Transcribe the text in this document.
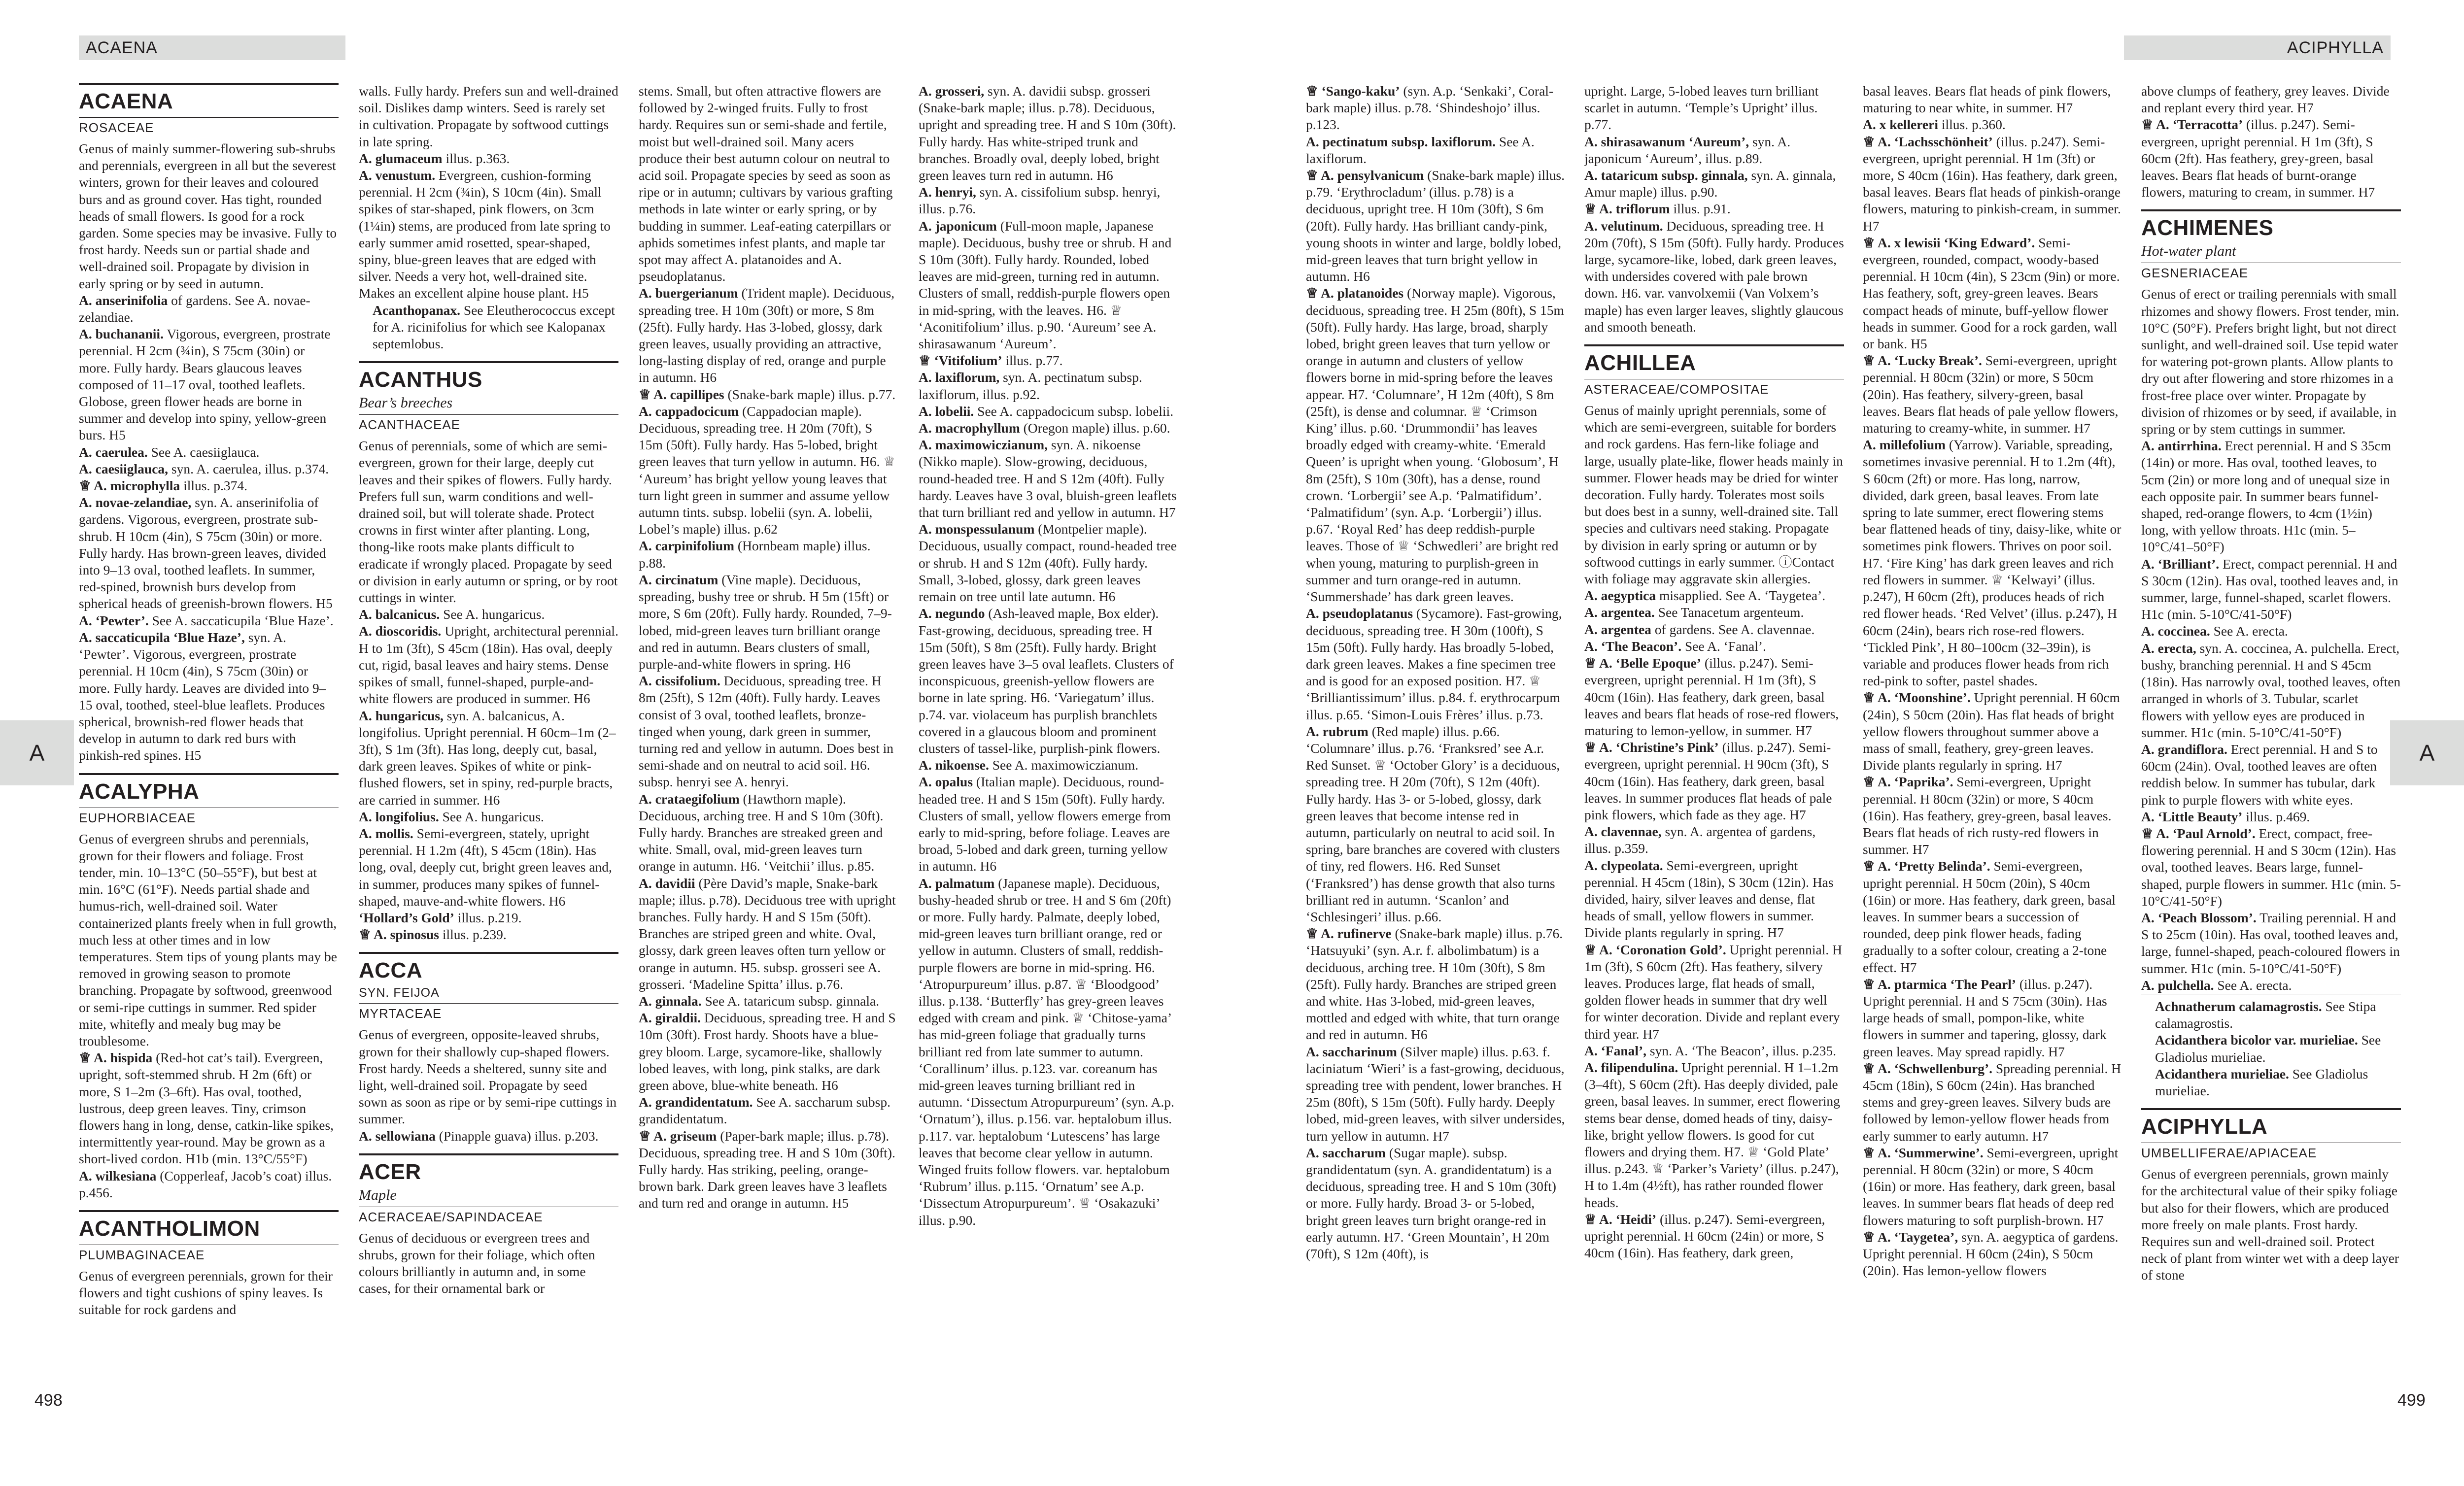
ACAENA
A
498
ACAENA
ROSACEAE

Genus of mainly summer-flowering sub-shrubs and perennials, evergreen in all but the severest winters, grown for their leaves and coloured burs and as ground cover. Has tight, rounded heads of small flowers. Is good for a rock garden. Some species may be invasive. Fully to frost hardy. Needs sun or partial shade and well-drained soil. Propagate by division in early spring or by seed in autumn.

A. anserinifolia of gardens. See A. novae-zelandiae.

A. buchananii. Vigorous, evergreen, prostrate perennial. H 2cm (¾in), S 75cm (30in) or more. Fully hardy. Bears glaucous leaves composed of 11–17 oval, toothed leaflets. Globose, green flower heads are borne in summer and develop into spiny, yellow-green burs. H5

A. caerulea. See A. caesiiglauca.

A. caesiiglauca, syn. A. caerulea, illus. p.374.

♕ A. microphylla illus. p.374.

A. novae-zelandiae, syn. A. anserinifolia of gardens. Vigorous, evergreen, prostrate sub-shrub. H 10cm (4in), S 75cm (30in) or more. Fully hardy. Has brown-green leaves, divided into 9–13 oval, toothed leaflets. In summer, red-spined, brownish burs develop from spherical heads of greenish-brown flowers. H5

A. ‘Pewter’. See A. saccaticupila ‘Blue Haze’.

A. saccaticupila ‘Blue Haze’, syn. A. ‘Pewter’. Vigorous, evergreen, prostrate perennial. H 10cm (4in), S 75cm (30in) or more. Fully hardy. Leaves are divided into 9–15 oval, toothed, steel-blue leaflets. Produces spherical, brownish-red flower heads that develop in autumn to dark red burs with pinkish-red spines. H5

ACALYPHA
EUPHORBIACEAE

Genus of evergreen shrubs and perennials, grown for their flowers and foliage. Frost tender, min. 10–13°C (50–55°F), but best at min. 16°C (61°F). Needs partial shade and humus-rich, well-drained soil. Water containerized plants freely when in full growth, much less at other times and in low temperatures. Stem tips of young plants may be removed in growing season to promote branching. Propagate by softwood, greenwood or semi-ripe cuttings in summer. Red spider mite, whitefly and mealy bug may be troublesome.

♕ A. hispida (Red-hot cat’s tail). Evergreen, upright, soft-stemmed shrub. H 2m (6ft) or more, S 1–2m (3–6ft). Has oval, toothed, lustrous, deep green leaves. Tiny, crimson flowers hang in long, dense, catkin-like spikes, intermittently year-round. May be grown as a short-lived cordon. H1b (min. 13°C/55°F)

A. wilkesiana (Copperleaf, Jacob’s coat) illus. p.456.

ACANTHOLIMON
PLUMBAGINACEAE

Genus of evergreen perennials, grown for their flowers and tight cushions of spiny leaves. Is suitable for rock gardens and

walls. Fully hardy. Prefers sun and well-drained soil. Dislikes damp winters. Seed is rarely set in cultivation. Propagate by softwood cuttings in late spring.

A. glumaceum illus. p.363.

A. venustum. Evergreen, cushion-forming perennial. H 2cm (¾in), S 10cm (4in). Small spikes of star-shaped, pink flowers, on 3cm (1¼in) stems, are produced from late spring to early summer amid rosetted, spear-shaped, spiny, blue-green leaves that are edged with silver. Needs a very hot, well-drained site. Makes an excellent alpine house plant. H5

Acanthopanax. See Eleutherococcus except for A. ricinifolius for which see Kalopanax septemlobus.

ACANTHUS
Bear’s breeches
ACANTHACEAE

Genus of perennials, some of which are semi-evergreen, grown for their large, deeply cut leaves and their spikes of flowers. Fully hardy. Prefers full sun, warm conditions and well-drained soil, but will tolerate shade. Protect crowns in first winter after planting. Long, thong-like roots make plants difficult to eradicate if wrongly placed. Propagate by seed or division in early autumn or spring, or by root cuttings in winter.

A. balcanicus. See A. hungaricus.

A. dioscoridis. Upright, architectural perennial. H to 1m (3ft), S 45cm (18in). Has oval, deeply cut, rigid, basal leaves and hairy stems. Dense spikes of small, funnel-shaped, purple-and-white flowers are produced in summer. H6

A. hungaricus, syn. A. balcanicus, A. longifolius. Upright perennial. H 60cm–1m (2–3ft), S 1m (3ft). Has long, deeply cut, basal, dark green leaves. Spikes of white or pink-flushed flowers, set in spiny, red-purple bracts, are carried in summer. H6

A. longifolius. See A. hungaricus.

A. mollis. Semi-evergreen, stately, upright perennial. H 1.2m (4ft), S 45cm (18in). Has long, oval, deeply cut, bright green leaves and, in summer, produces many spikes of funnel-shaped, mauve-and-white flowers. H6

‘Hollard’s Gold’ illus. p.219.

♕ A. spinosus illus. p.239.

ACCA
SYN. FEIJOA
MYRTACEAE

Genus of evergreen, opposite-leaved shrubs, grown for their shallowly cup-shaped flowers. Frost hardy. Needs a sheltered, sunny site and light, well-drained soil. Propagate by seed sown as soon as ripe or by semi-ripe cuttings in summer.

A. sellowiana (Pinapple guava) illus. p.203.

ACER
Maple
ACERACEAE/SAPINDACEAE

Genus of deciduous or evergreen trees and shrubs, grown for their foliage, which often colours brilliantly in autumn and, in some cases, for their ornamental bark or

stems. Small, but often attractive flowers are followed by 2-winged fruits. Fully to frost hardy. Requires sun or semi-shade and fertile, moist but well-drained soil. Many acers produce their best autumn colour on neutral to acid soil. Propagate species by seed as soon as ripe or in autumn; cultivars by various grafting methods in late winter or early spring, or by budding in summer. Leaf-eating caterpillars or aphids sometimes infest plants, and maple tar spot may affect A. platanoides and A. pseudoplatanus.

A. buergerianum (Trident maple). Deciduous, spreading tree. H 10m (30ft) or more, S 8m (25ft). Fully hardy. Has 3-lobed, glossy, dark green leaves, usually providing an attractive, long-lasting display of red, orange and purple in autumn. H6

♕ A. capillipes (Snake-bark maple) illus. p.77.

A. cappadocicum (Cappadocian maple). Deciduous, spreading tree. H 20m (70ft), S 15m (50ft). Fully hardy. Has 5-lobed, bright green leaves that turn yellow in autumn. H6. ♕ ‘Aureum’ has bright yellow young leaves that turn light green in summer and assume yellow autumn tints. subsp. lobelii (syn. A. lobelii, Lobel’s maple) illus. p.62

A. carpinifolium (Hornbeam maple) illus. p.88.

A. circinatum (Vine maple). Deciduous, spreading, bushy tree or shrub. H 5m (15ft) or more, S 6m (20ft). Fully hardy. Rounded, 7–9-lobed, mid-green leaves turn brilliant orange and red in autumn. Bears clusters of small, purple-and-white flowers in spring. H6

A. cissifolium. Deciduous, spreading tree. H 8m (25ft), S 12m (40ft). Fully hardy. Leaves consist of 3 oval, toothed leaflets, bronze-tinged when young, dark green in summer, turning red and yellow in autumn. Does best in semi-shade and on neutral to acid soil. H6. subsp. henryi see A. henryi.

A. crataegifolium (Hawthorn maple). Deciduous, arching tree. H and S 10m (30ft). Fully hardy. Branches are streaked green and white. Small, oval, mid-green leaves turn orange in autumn. H6. ‘Veitchii’ illus. p.85.

A. davidii (Père David’s maple, Snake-bark maple; illus. p.78). Deciduous tree with upright branches. Fully hardy. H and S 15m (50ft). Branches are striped green and white. Oval, glossy, dark green leaves often turn yellow or orange in autumn. H5. subsp. grosseri see A. grosseri. ‘Madeline Spitta’ illus. p.76.

A. ginnala. See A. tataricum subsp. ginnala.

A. giraldii. Deciduous, spreading tree. H and S 10m (30ft). Frost hardy. Shoots have a blue-grey bloom. Large, sycamore-like, shallowly lobed leaves, with long, pink stalks, are dark green above, blue-white beneath. H6

A. grandidentatum. See A. saccharum subsp. grandidentatum.

♕ A. griseum (Paper-bark maple; illus. p.78). Deciduous, spreading tree. H and S 10m (30ft). Fully hardy. Has striking, peeling, orange-brown bark. Dark green leaves have 3 leaflets and turn red and orange in autumn. H5

A. grosseri, syn. A. davidii subsp. grosseri (Snake-bark maple; illus. p.78). Deciduous, upright and spreading tree. H and S 10m (30ft). Fully hardy. Has white-striped trunk and branches. Broadly oval, deeply lobed, bright green leaves turn red in autumn. H6

A. henryi, syn. A. cissifolium subsp. henryi, illus. p.76.

A. japonicum (Full-moon maple, Japanese maple). Deciduous, bushy tree or shrub. H and S 10m (30ft). Fully hardy. Rounded, lobed leaves are mid-green, turning red in autumn. Clusters of small, reddish-purple flowers open in mid-spring, with the leaves. H6. ♕ ‘Aconitifolium’ illus. p.90. ‘Aureum’ see A. shirasawanum ‘Aureum’.

♕ ‘Vitifolium’ illus. p.77.

A. laxiflorum, syn. A. pectinatum subsp. laxiflorum, illus. p.92.

A. lobelii. See A. cappadocicum subsp. lobelii.

A. macrophyllum (Oregon maple) illus. p.60.

A. maximowiczianum, syn. A. nikoense (Nikko maple). Slow-growing, deciduous, round-headed tree. H and S 12m (40ft). Fully hardy. Leaves have 3 oval, bluish-green leaflets that turn brilliant red and yellow in autumn. H7

A. monspessulanum (Montpelier maple). Deciduous, usually compact, round-headed tree or shrub. H and S 12m (40ft). Fully hardy. Small, 3-lobed, glossy, dark green leaves remain on tree until late autumn. H6

A. negundo (Ash-leaved maple, Box elder). Fast-growing, deciduous, spreading tree. H 15m (50ft), S 8m (25ft). Fully hardy. Bright green leaves have 3–5 oval leaflets. Clusters of inconspicuous, greenish-yellow flowers are borne in late spring. H6. ‘Variegatum’ illus. p.74. var. violaceum has purplish branchlets covered in a glaucous bloom and prominent clusters of tassel-like, purplish-pink flowers.

A. nikoense. See A. maximowiczianum.

A. opalus (Italian maple). Deciduous, round-headed tree. H and S 15m (50ft). Fully hardy. Clusters of small, yellow flowers emerge from early to mid-spring, before foliage. Leaves are broad, 5-lobed and dark green, turning yellow in autumn. H6

A. palmatum (Japanese maple). Deciduous, bushy-headed shrub or tree. H and S 6m (20ft) or more. Fully hardy. Palmate, deeply lobed, mid-green leaves turn brilliant orange, red or yellow in autumn. Clusters of small, reddish-purple flowers are borne in mid-spring. H6. ‘Atropurpureum’ illus. p.87. ♕ ‘Bloodgood’ illus. p.138. ‘Butterfly’ has grey-green leaves edged with cream and pink. ♕ ‘Chitose-yama’ has mid-green foliage that gradually turns brilliant red from late summer to autumn. ‘Corallinum’ illus. p.123. var. coreanum has mid-green leaves turning brilliant red in autumn. ‘Dissectum Atropurpureum’ (syn. A.p. ‘Ornatum’), illus. p.156. var. heptalobum illus. p.117. var. heptalobum ‘Lutescens’ has large leaves that become clear yellow in autumn. Winged fruits follow flowers. var. heptalobum ‘Rubrum’ illus. p.115. ‘Ornatum’ see A.p. ‘Dissectum Atropurpureum’. ♕ ‘Osakazuki’ illus. p.90.

ACIPHYLLA
A
499

♕ ‘Sango-kaku’ (syn. A.p. ‘Senkaki’, Coral-bark maple) illus. p.78. ‘Shindeshojo’ illus. p.123.

A. pectinatum subsp. laxiflorum. See A. laxiflorum.

♕ A. pensylvanicum (Snake-bark maple) illus. p.79. ‘Erythrocladum’ (illus. p.78) is a deciduous, upright tree. H 10m (30ft), S 6m (20ft). Fully hardy. Has brilliant candy-pink, young shoots in winter and large, boldly lobed, mid-green leaves that turn bright yellow in autumn. H6

♕ A. platanoides (Norway maple). Vigorous, deciduous, spreading tree. H 25m (80ft), S 15m (50ft). Fully hardy. Has large, broad, sharply lobed, bright green leaves that turn yellow or orange in autumn and clusters of yellow flowers borne in mid-spring before the leaves appear. H7. ‘Columnare’, H 12m (40ft), S 8m (25ft), is dense and columnar. ♕ ‘Crimson King’ illus. p.60. ‘Drummondii’ has leaves broadly edged with creamy-white. ‘Emerald Queen’ is upright when young. ‘Globosum’, H 8m (25ft), S 10m (30ft), has a dense, round crown. ‘Lorbergii’ see A.p. ‘Palmatifidum’. ‘Palmatifidum’ (syn. A.p. ‘Lorbergii’) illus. p.67. ‘Royal Red’ has deep reddish-purple leaves. Those of ♕ ‘Schwedleri’ are bright red when young, maturing to purplish-green in summer and turn orange-red in autumn. ‘Summershade’ has dark green leaves.

A. pseudoplatanus (Sycamore). Fast-growing, deciduous, spreading tree. H 30m (100ft), S 15m (50ft). Fully hardy. Has broadly 5-lobed, dark green leaves. Makes a fine specimen tree and is good for an exposed position. H7. ♕ ‘Brilliantissimum’ illus. p.84. f. erythrocarpum illus. p.65. ‘Simon-Louis Frères’ illus. p.73.

A. rubrum (Red maple) illus. p.66. ‘Columnare’ illus. p.76. ‘Franksred’ see A.r. Red Sunset. ♕ ‘October Glory’ is a deciduous, spreading tree. H 20m (70ft), S 12m (40ft). Fully hardy. Has 3- or 5-lobed, glossy, dark green leaves that become intense red in autumn, particularly on neutral to acid soil. In spring, bare branches are covered with clusters of tiny, red flowers. H6. Red Sunset (‘Franksred’) has dense growth that also turns brilliant red in autumn. ‘Scanlon’ and ‘Schlesingeri’ illus. p.66.

♕ A. rufinerve (Snake-bark maple) illus. p.76. ‘Hatsuyuki’ (syn. A.r. f. albolimbatum) is a deciduous, arching tree. H 10m (30ft), S 8m (25ft). Fully hardy. Branches are striped green and white. Has 3-lobed, mid-green leaves, mottled and edged with white, that turn orange and red in autumn. H6

A. saccharinum (Silver maple) illus. p.63. f. laciniatum ‘Wieri’ is a fast-growing, deciduous, spreading tree with pendent, lower branches. H 25m (80ft), S 15m (50ft). Fully hardy. Deeply lobed, mid-green leaves, with silver undersides, turn yellow in autumn. H7

A. saccharum (Sugar maple). subsp. grandidentatum (syn. A. grandidentatum) is a deciduous, spreading tree. H and S 10m (30ft) or more. Fully hardy. Broad 3- or 5-lobed, bright green leaves turn bright orange-red in early autumn. H7. ‘Green Mountain’, H 20m (70ft), S 12m (40ft), is

upright. Large, 5-lobed leaves turn brilliant scarlet in autumn. ‘Temple’s Upright’ illus. p.77.

A. shirasawanum ‘Aureum’, syn. A. japonicum ‘Aureum’, illus. p.89.

A. tataricum subsp. ginnala, syn. A. ginnala, Amur maple) illus. p.90.

♕ A. triflorum illus. p.91.

A. velutinum. Deciduous, spreading tree. H 20m (70ft), S 15m (50ft). Fully hardy. Produces large, sycamore-like, lobed, dark green leaves, with undersides covered with pale brown down. H6. var. vanvolxemii (Van Volxem’s maple) has even larger leaves, slightly glaucous and smooth beneath.

ACHILLEA
ASTERACEAE/COMPOSITAE

Genus of mainly upright perennials, some of which are semi-evergreen, suitable for borders and rock gardens. Has fern-like foliage and large, usually plate-like, flower heads mainly in summer. Flower heads may be dried for winter decoration. Fully hardy. Tolerates most soils but does best in a sunny, well-drained site. Tall species and cultivars need staking. Propagate by division in early spring or autumn or by softwood cuttings in early summer. ⓘContact with foliage may aggravate skin allergies.

A. aegyptica misapplied. See A. ‘Taygetea’.

A. argentea. See Tanacetum argenteum.

A. argentea of gardens. See A. clavennae.

A. ‘The Beacon’. See A. ‘Fanal’.

♕ A. ‘Belle Epoque’ (illus. p.247). Semi-evergreen, upright perennial. H 1m (3ft), S 40cm (16in). Has feathery, dark green, basal leaves and bears flat heads of rose-red flowers, maturing to lemon-yellow, in summer. H7

♕ A. ‘Christine’s Pink’ (illus. p.247). Semi-evergreen, upright perennial. H 90cm (3ft), S 40cm (16in). Has feathery, dark green, basal leaves. In summer produces flat heads of pale pink flowers, which fade as they age. H7

A. clavennae, syn. A. argentea of gardens, illus. p.359.

A. clypeolata. Semi-evergreen, upright perennial. H 45cm (18in), S 30cm (12in). Has divided, hairy, silver leaves and dense, flat heads of small, yellow flowers in summer. Divide plants regularly in spring. H7

♕ A. ‘Coronation Gold’. Upright perennial. H 1m (3ft), S 60cm (2ft). Has feathery, silvery leaves. Produces large, flat heads of small, golden flower heads in summer that dry well for winter decoration. Divide and replant every third year. H7

A. ‘Fanal’, syn. A. ‘The Beacon’, illus. p.235.

A. filipendulina. Upright perennial. H 1–1.2m (3–4ft), S 60cm (2ft). Has deeply divided, pale green, basal leaves. In summer, erect flowering stems bear dense, domed heads of tiny, daisy-like, bright yellow flowers. Is good for cut flowers and drying them. H7. ♕ ‘Gold Plate’ illus. p.243. ♕ ‘Parker’s Variety’ (illus. p.247), H to 1.4m (4½ft), has rather rounded flower heads.

♕ A. ‘Heidi’ (illus. p.247). Semi-evergreen, upright perennial. H 60cm (24in) or more, S 40cm (16in). Has feathery, dark green,

basal leaves. Bears flat heads of pink flowers, maturing to near white, in summer. H7

A. x kellereri illus. p.360.

♕ A. ‘Lachsschönheit’ (illus. p.247). Semi-evergreen, upright perennial. H 1m (3ft) or more, S 40cm (16in). Has feathery, dark green, basal leaves. Bears flat heads of pinkish-orange flowers, maturing to pinkish-cream, in summer. H7

♕ A. x lewisii ‘King Edward’. Semi-evergreen, rounded, compact, woody-based perennial. H 10cm (4in), S 23cm (9in) or more. Has feathery, soft, grey-green leaves. Bears compact heads of minute, buff-yellow flower heads in summer. Good for a rock garden, wall or bank. H5

♕ A. ‘Lucky Break’. Semi-evergreen, upright perennial. H 80cm (32in) or more, S 50cm (20in). Has feathery, silvery-green, basal leaves. Bears flat heads of pale yellow flowers, maturing to creamy-white, in summer. H7

A. millefolium (Yarrow). Variable, spreading, sometimes invasive perennial. H to 1.2m (4ft), S 60cm (2ft) or more. Has long, narrow, divided, dark green, basal leaves. From late spring to late summer, erect flowering stems bear flattened heads of tiny, daisy-like, white or sometimes pink flowers. Thrives on poor soil. H7. ‘Fire King’ has dark green leaves and rich red flowers in summer. ♕ ‘Kelwayi’ (illus. p.247), H 60cm (2ft), produces heads of rich red flower heads. ‘Red Velvet’ (illus. p.247), H 60cm (24in), bears rich rose-red flowers. ‘Tickled Pink’, H 80–100cm (32–39in), is variable and produces flower heads from rich red-pink to softer, pastel shades.

♕ A. ‘Moonshine’. Upright perennial. H 60cm (24in), S 50cm (20in). Has flat heads of bright yellow flowers throughout summer above a mass of small, feathery, grey-green leaves. Divide plants regularly in spring. H7

♕ A. ‘Paprika’. Semi-evergreen, Upright perennial. H 80cm (32in) or more, S 40cm (16in). Has feathery, grey-green, basal leaves. Bears flat heads of rich rusty-red flowers in summer. H7

♕ A. ‘Pretty Belinda’. Semi-evergreen, upright perennial. H 50cm (20in), S 40cm (16in) or more. Has feathery, dark green, basal leaves. In summer bears a succession of rounded, deep pink flower heads, fading gradually to a softer colour, creating a 2-tone effect. H7

♕ A. ptarmica ‘The Pearl’ (illus. p.247). Upright perennial. H and S 75cm (30in). Has large heads of small, pompon-like, white flowers in summer and tapering, glossy, dark green leaves. May spread rapidly. H7

♕ A. ‘Schwellenburg’. Spreading perennial. H 45cm (18in), S 60cm (24in). Has branched stems and grey-green leaves. Silvery buds are followed by lemon-yellow flower heads from early summer to early autumn. H7

♕ A. ‘Summerwine’. Semi-evergreen, upright perennial. H 80cm (32in) or more, S 40cm (16in) or more. Has feathery, dark green, basal leaves. In summer bears flat heads of deep red flowers maturing to soft purplish-brown. H7

♕ A. ‘Taygetea’, syn. A. aegyptica of gardens. Upright perennial. H 60cm (24in), S 50cm (20in). Has lemon-yellow flowers

above clumps of feathery, grey leaves. Divide and replant every third year. H7

♕ A. ‘Terracotta’ (illus. p.247). Semi-evergreen, upright perennial. H 1m (3ft), S 60cm (2ft). Has feathery, grey-green, basal leaves. Bears flat heads of burnt-orange flowers, maturing to cream, in summer. H7

ACHIMENES
Hot-water plant
GESNERIACEAE

Genus of erect or trailing perennials with small rhizomes and showy flowers. Frost tender, min. 10°C (50°F). Prefers bright light, but not direct sunlight, and well-drained soil. Use tepid water for watering pot-grown plants. Allow plants to dry out after flowering and store rhizomes in a frost-free place over winter. Propagate by division of rhizomes or by seed, if available, in spring or by stem cuttings in summer.

A. antirrhina. Erect perennial. H and S 35cm (14in) or more. Has oval, toothed leaves, to 5cm (2in) or more long and of unequal size in each opposite pair. In summer bears funnel-shaped, red-orange flowers, to 4cm (1½in) long, with yellow throats. H1c (min. 5–10°C/41–50°F)

A. ‘Brilliant’. Erect, compact perennial. H and S 30cm (12in). Has oval, toothed leaves and, in summer, large, funnel-shaped, scarlet flowers. H1c (min. 5-10°C/41-50°F)

A. coccinea. See A. erecta.

A. erecta, syn. A. coccinea, A. pulchella. Erect, bushy, branching perennial. H and S 45cm (18in). Has narrowly oval, toothed leaves, often arranged in whorls of 3. Tubular, scarlet flowers with yellow eyes are produced in summer. H1c (min. 5-10°C/41-50°F)

A. grandiflora. Erect perennial. H and S to 60cm (24in). Oval, toothed leaves are often reddish below. In summer has tubular, dark pink to purple flowers with white eyes.

A. ‘Little Beauty’ illus. p.469.

♕ A. ‘Paul Arnold’. Erect, compact, free-flowering perennial. H and S 30cm (12in). Has oval, toothed leaves. Bears large, funnel-shaped, purple flowers in summer. H1c (min. 5-10°C/41-50°F)

A. ‘Peach Blossom’. Trailing perennial. H and S to 25cm (10in). Has oval, toothed leaves and, large, funnel-shaped, peach-coloured flowers in summer. H1c (min. 5-10°C/41-50°F)

A. pulchella. See A. erecta.

Achnatherum calamagrostis. See Stipa calamagrostis.

Acidanthera bicolor var. murieliae. See Gladiolus murieliae.

Acidanthera murieliae. See Gladiolus murieliae.

ACIPHYLLA
UMBELLIFERAE/APIACEAE

Genus of evergreen perennials, grown mainly for the architectural value of their spiky foliage but also for their flowers, which are produced more freely on male plants. Frost hardy. Requires sun and well-drained soil. Protect neck of plant from winter wet with a deep layer of stone
